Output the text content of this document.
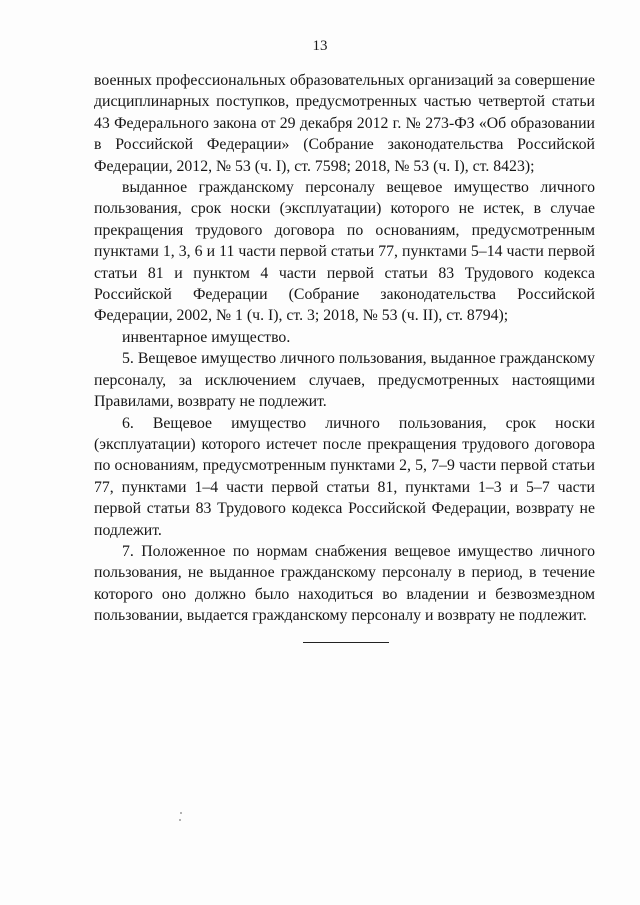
13

военных профессиональных образовательных организаций за совершение дисциплинарных поступков, предусмотренных частью четвертой статьи 43 Федерального закона от 29 декабря 2012 г. № 273-ФЗ «Об образовании в Российской Федерации» (Собрание законодательства Российской Федерации, 2012, № 53 (ч. I), ст. 7598; 2018, № 53 (ч. I), ст. 8423);

выданное гражданскому персоналу вещевое имущество личного пользования, срок носки (эксплуатации) которого не истек, в случае прекращения трудового договора по основаниям, предусмотренным пунктами 1, 3, 6 и 11 части первой статьи 77, пунктами 5–14 части первой статьи 81 и пунктом 4 части первой статьи 83 Трудового кодекса Российской Федерации (Собрание законодательства Российской Федерации, 2002, № 1 (ч. I), ст. 3; 2018, № 53 (ч. II), ст. 8794);

инвентарное имущество.

5. Вещевое имущество личного пользования, выданное гражданскому персоналу, за исключением случаев, предусмотренных настоящими Правилами, возврату не подлежит.

6. Вещевое имущество личного пользования, срок носки (эксплуатации) которого истечет после прекращения трудового договора по основаниям, предусмотренным пунктами 2, 5, 7–9 части первой статьи 77, пунктами 1–4 части первой статьи 81, пунктами 1–3 и 5–7 части первой статьи 83 Трудового кодекса Российской Федерации, возврату не подлежит.

7. Положенное по нормам снабжения вещевое имущество личного пользования, не выданное гражданскому персоналу в период, в течение которого оно должно было находиться во владении и безвозмездном пользовании, выдается гражданскому персоналу и возврату не подлежит.
